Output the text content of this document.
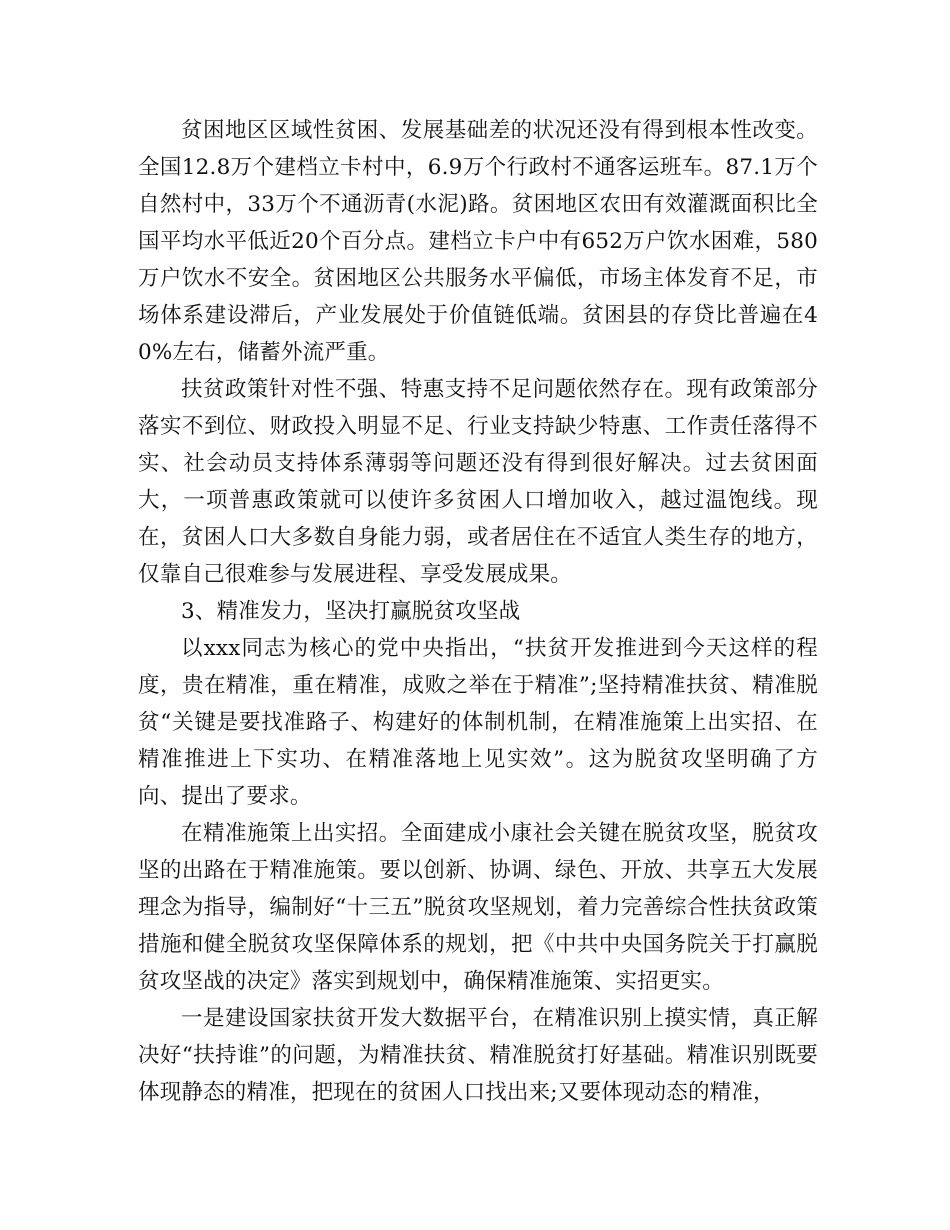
贫困地区区域性贫困、发展基础差的状况还没有得到根本性改变。全国12.8万个建档立卡村中，6.9万个行政村不通客运班车。87.1万个自然村中，33万个不通沥青(水泥)路。贫困地区农田有效灌溉面积比全国平均水平低近20个百分点。建档立卡户中有652万户饮水困难，580万户饮水不安全。贫困地区公共服务水平偏低，市场主体发育不足，市场体系建设滞后，产业发展处于价值链低端。贫困县的存贷比普遍在40%左右，储蓄外流严重。

扶贫政策针对性不强、特惠支持不足问题依然存在。现有政策部分落实不到位、财政投入明显不足、行业支持缺少特惠、工作责任落得不实、社会动员支持体系薄弱等问题还没有得到很好解决。过去贫困面大，一项普惠政策就可以使许多贫困人口增加收入，越过温饱线。现在，贫困人口大多数自身能力弱，或者居住在不适宜人类生存的地方，仅靠自己很难参与发展进程、享受发展成果。

3、精准发力，坚决打赢脱贫攻坚战

以xxx同志为核心的党中央指出，“扶贫开发推进到今天这样的程度，贵在精准，重在精准，成败之举在于精准”;坚持精准扶贫、精准脱贫“关键是要找准路子、构建好的体制机制，在精准施策上出实招、在精准推进上下实功、在精准落地上见实效”。这为脱贫攻坚明确了方向、提出了要求。

在精准施策上出实招。全面建成小康社会关键在脱贫攻坚，脱贫攻坚的出路在于精准施策。要以创新、协调、绿色、开放、共享五大发展理念为指导，编制好“十三五”脱贫攻坚规划，着力完善综合性扶贫政策措施和健全脱贫攻坚保障体系的规划，把《中共中央国务院关于打赢脱贫攻坚战的决定》落实到规划中，确保精准施策、实招更实。

一是建设国家扶贫开发大数据平台，在精准识别上摸实情，真正解决好“扶持谁”的问题，为精准扶贫、精准脱贫打好基础。精准识别既要体现静态的精准，把现在的贫困人口找出来;又要体现动态的精准，
